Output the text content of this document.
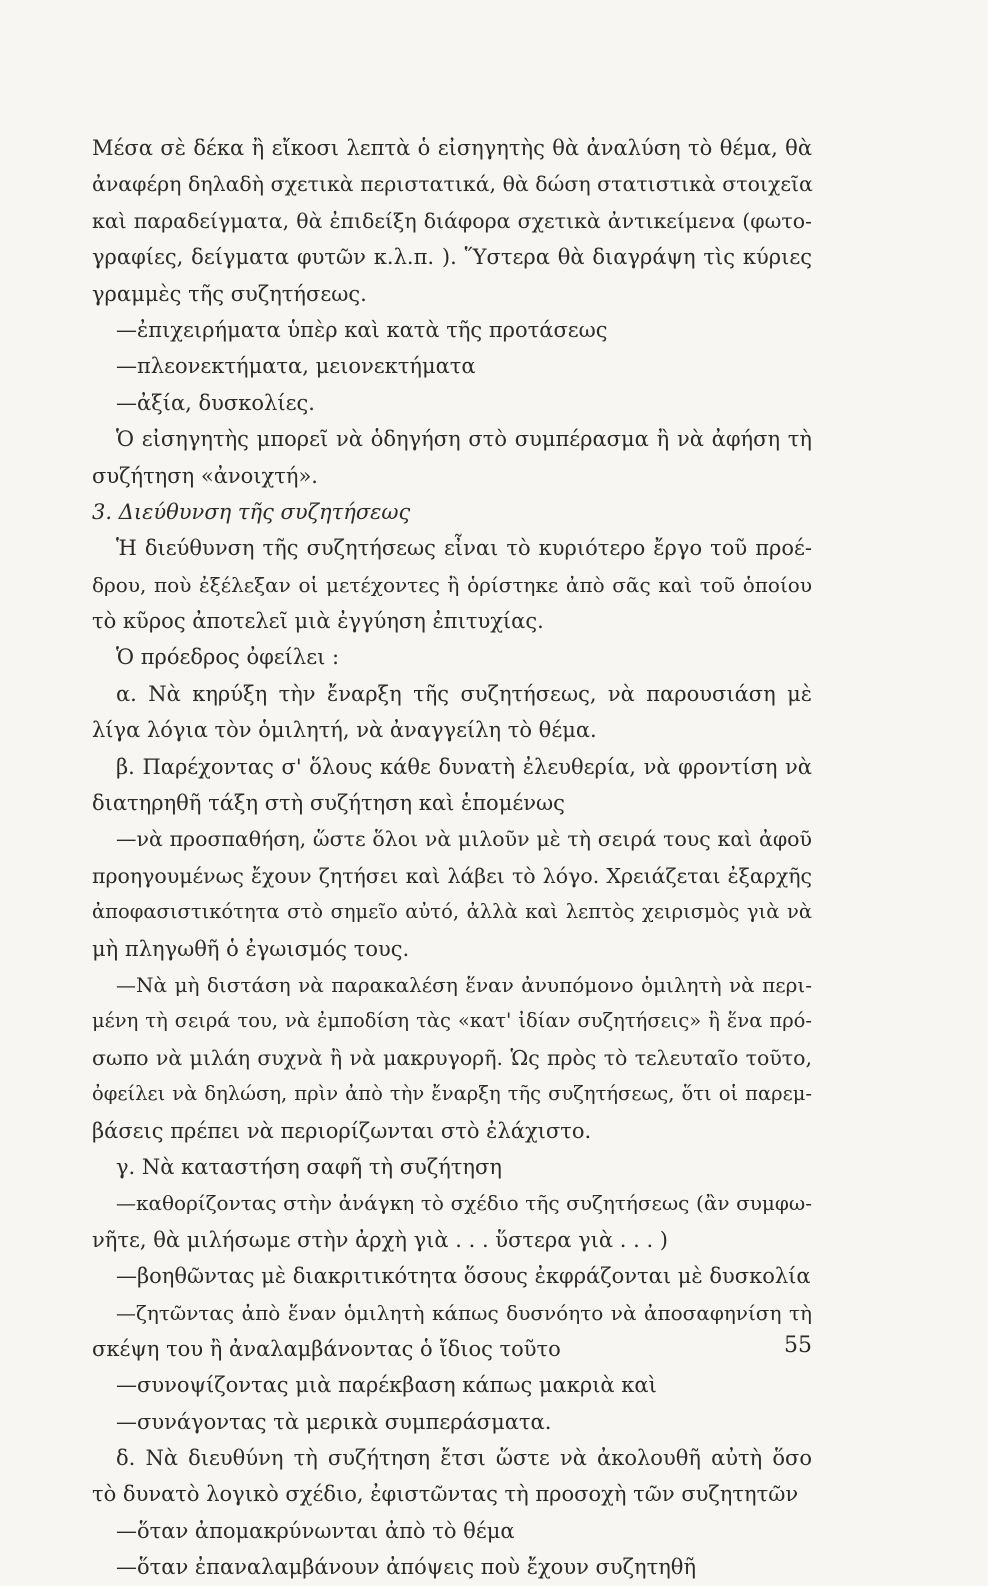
Μέσα σὲ δέκα ἢ εἴκοσι λεπτὰ ὁ εἰσηγητὴς θὰ ἀναλύση τὸ θέμα, θὰ
ἀναφέρη δηλαδὴ σχετικὰ περιστατικά, θὰ δώση στατιστικὰ στοιχεῖα
καὶ παραδείγματα, θὰ ἐπιδείξη διάφορα σχετικὰ ἀντικείμενα (φωτο-
γραφίες, δείγματα φυτῶν κ.λ.π. ). Ὕστερα θὰ διαγράψη τὶς κύριες
γραμμὲς τῆς συζητήσεως.
—ἐπιχειρήματα ὑπὲρ καὶ κατὰ τῆς προτάσεως
—πλεονεκτήματα, μειονεκτήματα
—ἀξία, δυσκολίες.
Ὁ εἰσηγητὴς μπορεῖ νὰ ὁδηγήση στὸ συμπέρασμα ἢ νὰ ἀφήση τὴ
συζήτηση «ἀνοιχτή».
3. Διεύθυνση τῆς συζητήσεως
Ἡ διεύθυνση τῆς συζητήσεως εἶναι τὸ κυριότερο ἔργο τοῦ προέ-
δρου, ποὺ ἐξέλεξαν οἱ μετέχοντες ἢ ὁρίστηκε ἀπὸ σᾶς καὶ τοῦ ὁποίου
τὸ κῦρος ἀποτελεῖ μιὰ ἐγγύηση ἐπιτυχίας.
Ὁ πρόεδρος ὀφείλει :
α. Νὰ κηρύξη τὴν ἔναρξη τῆς συζητήσεως, νὰ παρουσιάση μὲ
λίγα λόγια τὸν ὁμιλητή, νὰ ἀναγγείλη τὸ θέμα.
β. Παρέχοντας σ' ὅλους κάθε δυνατὴ ἐλευθερία, νὰ φροντίση νὰ
διατηρηθῆ τάξη στὴ συζήτηση καὶ ἑπομένως
—νὰ προσπαθήση, ὥστε ὅλοι νὰ μιλοῦν μὲ τὴ σειρά τους καὶ ἀφοῦ
προηγουμένως ἔχουν ζητήσει καὶ λάβει τὸ λόγο. Χρειάζεται ἐξαρχῆς
ἀποφασιστικότητα στὸ σημεῖο αὐτό, ἀλλὰ καὶ λεπτὸς χειρισμὸς γιὰ νὰ
μὴ πληγωθῆ ὁ ἐγωισμός τους.
—Νὰ μὴ διστάση νὰ παρακαλέση ἕναν ἀνυπόμονο ὁμιλητὴ νὰ περι-
μένη τὴ σειρά του, νὰ ἐμποδίση τὰς «κατ' ἰδίαν συζητήσεις» ἢ ἕνα πρό-
σωπο νὰ μιλάη συχνὰ ἢ νὰ μακρυγορῆ. Ὡς πρὸς τὸ τελευταῖο τοῦτο,
ὀφείλει νὰ δηλώση, πρὶν ἀπὸ τὴν ἔναρξη τῆς συζητήσεως, ὅτι οἱ παρεμ-
βάσεις πρέπει νὰ περιορίζωνται στὸ ἐλάχιστο.
γ. Νὰ καταστήση σαφῆ τὴ συζήτηση
—καθορίζοντας στὴν ἀνάγκη τὸ σχέδιο τῆς συζητήσεως (ἂν συμφω-
νῆτε, θὰ μιλήσωμε στὴν ἀρχὴ γιὰ . . . ὕστερα γιὰ . . . )
—βοηθῶντας μὲ διακριτικότητα ὅσους ἐκφράζονται μὲ δυσκολία
—ζητῶντας ἀπὸ ἕναν ὁμιλητὴ κάπως δυσνόητο νὰ ἀποσαφηνίση τὴ
σκέψη του ἢ ἀναλαμβάνοντας ὁ ἴδιος τοῦτο
—συνοψίζοντας μιὰ παρέκβαση κάπως μακριὰ καὶ
—συνάγοντας τὰ μερικὰ συμπεράσματα.
δ. Νὰ διευθύνη τὴ συζήτηση ἔτσι ὥστε νὰ ἀκολουθῆ αὐτὴ ὅσο
τὸ δυνατὸ λογικὸ σχέδιο, ἐφιστῶντας τὴ προσοχὴ τῶν συζητητῶν
—ὅταν ἀπομακρύνωνται ἀπὸ τὸ θέμα
—ὅταν ἐπαναλαμβάνουν ἀπόψεις ποὺ ἔχουν συζητηθῆ
55
